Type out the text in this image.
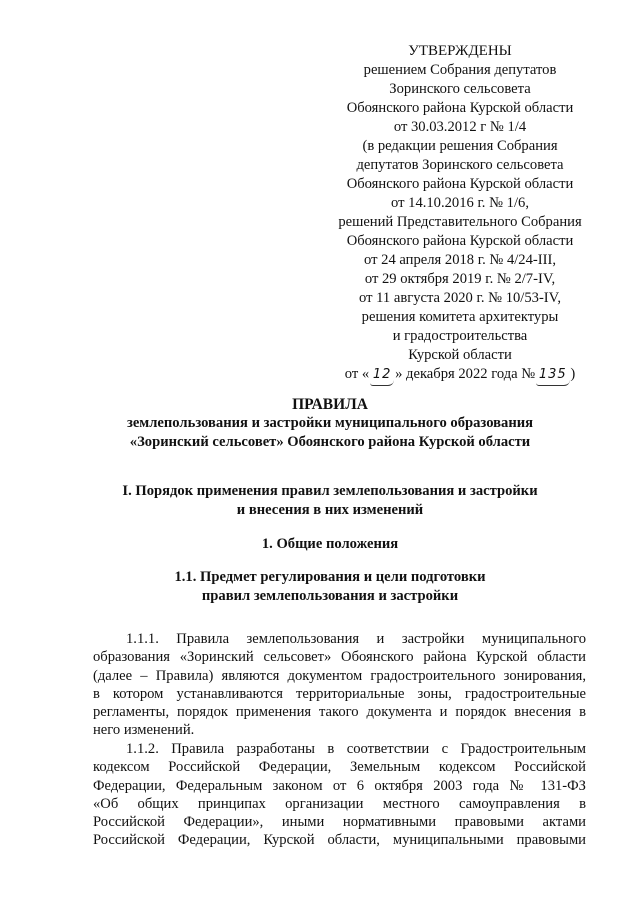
УТВЕРЖДЕНЫ
решением Собрания депутатов
Зоринского сельсовета
Обоянского района Курской области
от 30.03.2012 г № 1/4
(в редакции решения Собрания
депутатов Зоринского сельсовета
Обоянского района Курской области
от 14.10.2016 г. № 1/6,
решений Представительного Собрания
Обоянского района Курской области
от 24 апреля 2018 г. № 4/24-III,
от 29 октября 2019 г. № 2/7-IV,
от 11 августа 2020 г. № 10/53-IV,
решения комитета архитектуры
и градостроительства
Курской области
от « 12 » декабря 2022 года № 135 )
ПРАВИЛА
землепользования и застройки муниципального образования
«Зоринский сельсовет» Обоянского района Курской области
I. Порядок применения правил землепользования и застройки
и внесения в них изменений
1. Общие положения
1.1. Предмет регулирования и цели подготовки
правил землепользования и застройки
1.1.1. Правила землепользования и застройки муниципального
образования «Зоринский сельсовет» Обоянского района Курской области
(далее – Правила) являются документом градостроительного зонирования,
в котором устанавливаются территориальные зоны, градостроительные
регламенты, порядок применения такого документа и порядок внесения в
него изменений.
1.1.2. Правила разработаны в соответствии с Градостроительным
кодексом Российской Федерации, Земельным кодексом Российской
Федерации, Федеральным законом от 6 октября 2003 года № 131-ФЗ
«Об общих принципах организации местного самоуправления в
Российской Федерации», иными нормативными правовыми актами
Российской Федерации, Курской области, муниципальными правовыми
